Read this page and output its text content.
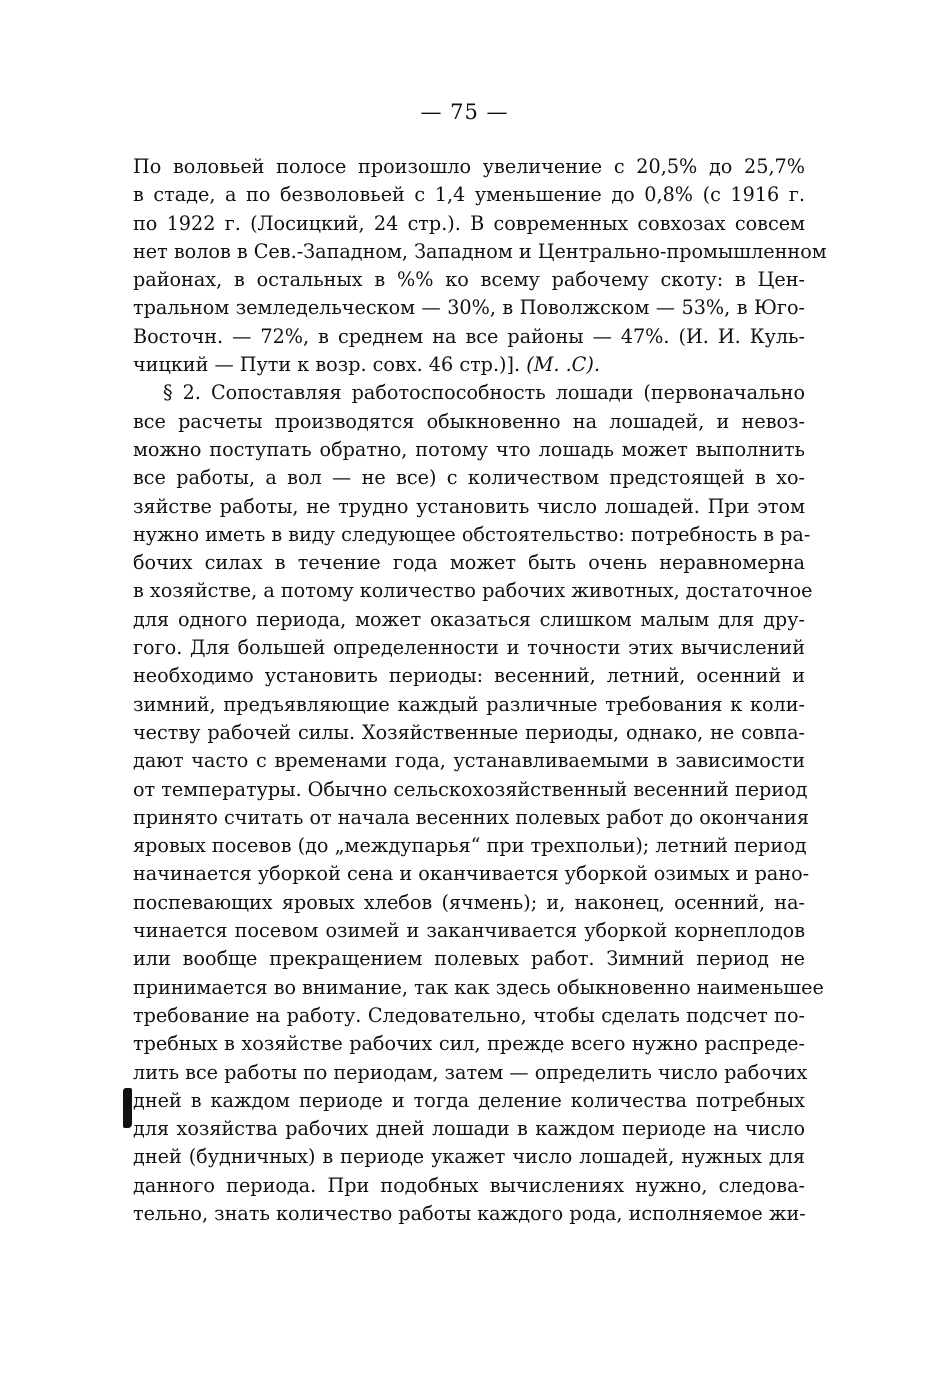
— 75 —
По воловьей полосе произошло увеличение с 20,5% до 25,7%
в стаде, а по безволовьей с 1,4 уменьшение до 0,8% (с 1916 г.
по 1922 г. (Лосицкий, 24 стр.). В современных совхозах совсем
нет волов в Сев.-Западном, Западном и Центрально-промышленном
районах, в остальных в %% ко всему рабочему скоту: в Цен-
тральном земледельческом — 30%, в Поволжском — 53%, в Юго-
Восточн. — 72%, в среднем на все районы — 47%. (И. И. Куль-
чицкий — Пути к возр. совх. 46 стр.)]. (М. .С).
§ 2. Сопоставляя работоспособность лошади (первоначально
все расчеты производятся обыкновенно на лошадей, и невоз-
можно поступать обратно, потому что лошадь может выполнить
все работы, а вол — не все) с количеством предстоящей в хо-
зяйстве работы, не трудно установить число лошадей. При этом
нужно иметь в виду следующее обстоятельство: потребность в ра-
бочих силах в течение года может быть очень неравномерна
в хозяйстве, а потому количество рабочих животных, достаточное
для одного периода, может оказаться слишком малым для дру-
гого. Для большей определенности и точности этих вычислений
необходимо установить периоды: весенний, летний, осенний и
зимний, предъявляющие каждый различные требования к коли-
честву рабочей силы. Хозяйственные периоды, однако, не совпа-
дают часто с временами года, устанавливаемыми в зависимости
от температуры. Обычно сельскохозяйственный весенний период
принято считать от начала весенних полевых работ до окончания
яровых посевов (до „междупарья“ при трехпольи); летний период
начинается уборкой сена и оканчивается уборкой озимых и рано-
поспевающих яровых хлебов (ячмень); и, наконец, осенний, на-
чинается посевом озимей и заканчивается уборкой корнеплодов
или вообще прекращением полевых работ. Зимний период не
принимается во внимание, так как здесь обыкновенно наименьшее
требование на работу. Следовательно, чтобы сделать подсчет по-
требных в хозяйстве рабочих сил, прежде всего нужно распреде-
лить все работы по периодам, затем — определить число рабочих
дней в каждом периоде и тогда деление количества потребных
для хозяйства рабочих дней лошади в каждом периоде на число
дней (будничных) в периоде укажет число лошадей, нужных для
данного периода. При подобных вычислениях нужно, следова-
тельно, знать количество работы каждого рода, исполняемое жи-
